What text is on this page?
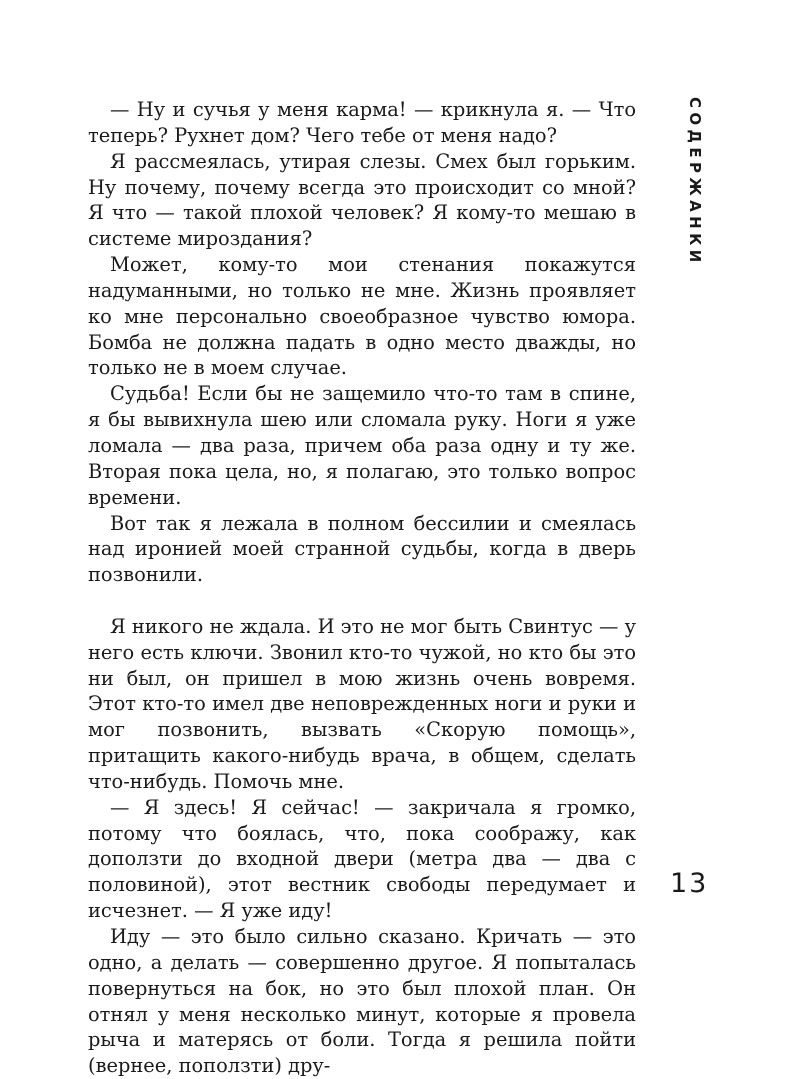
— Ну и сучья у меня карма! — крикнула я. — Что теперь? Рухнет дом? Чего тебе от меня надо?

Я рассмеялась, утирая слезы. Смех был горьким. Ну почему, почему всегда это происходит со мной? Я что — такой плохой человек? Я кому-то мешаю в системе мироздания?

Может, кому-то мои стенания покажутся надуманными, но только не мне. Жизнь проявляет ко мне персонально своеобразное чувство юмора. Бомба не должна падать в одно место дважды, но только не в моем случае.

Судьба! Если бы не защемило что-то там в спине, я бы вывихнула шею или сломала руку. Ноги я уже ломала — два раза, причем оба раза одну и ту же. Вторая пока цела, но, я полагаю, это только вопрос времени.

Вот так я лежала в полном бессилии и смеялась над иронией моей странной судьбы, когда в дверь позвонили.

Я никого не ждала. И это не мог быть Свинтус — у него есть ключи. Звонил кто-то чужой, но кто бы это ни был, он пришел в мою жизнь очень вовремя. Этот кто-то имел две неповрежденных ноги и руки и мог позвонить, вызвать «Скорую помощь», притащить какого-нибудь врача, в общем, сделать что-нибудь. Помочь мне.

— Я здесь! Я сейчас! — закричала я громко, потому что боялась, что, пока соображу, как доползти до входной двери (метра два — два с половиной), этот вестник свободы передумает и исчезнет. — Я уже иду!

Иду — это было сильно сказано. Кричать — это одно, а делать — совершенно другое. Я попыталась повернуться на бок, но это был плохой план. Он отнял у меня несколько минут, которые я провела рыча и матерясь от боли. Тогда я решила пойти (вернее, поползти) дру-

СОДЕРЖАНКИ
13
